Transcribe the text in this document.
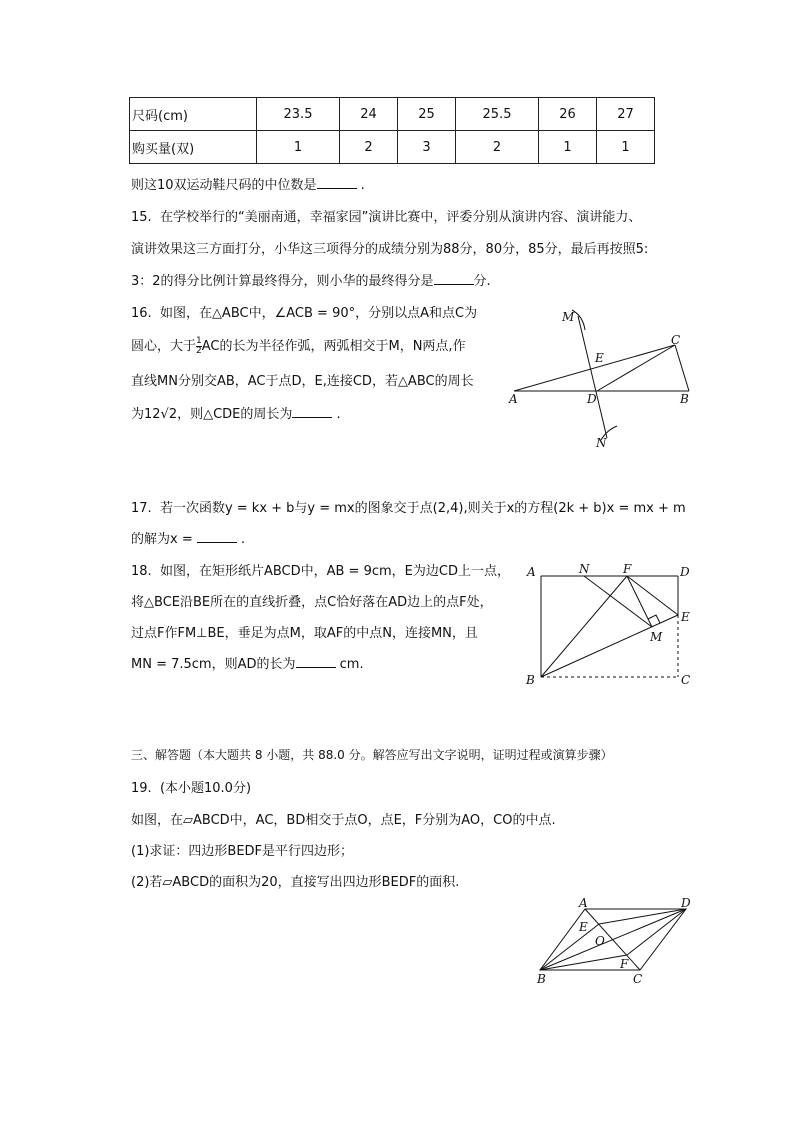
尺码(cm)	23.5	24	25	25.5	26	27
购买量(双)	1	2	3	2	1	1
则这10双运动鞋尺码的中位数是	.
15.  在学校举行的“美丽南通，幸福家园”演讲比赛中，评委分别从演讲内容、演讲能力、
演讲效果这三方面打分，小华这三项得分的成绩分别为88分，80分，85分，最后再按照5:
3：2的得分比例计算最终得分，则小华的最终得分是	分.
16.  如图，在△ABC中，∠ACB = 90°，分别以点A和点C为
圆心，大于 $\frac{1}{2}$ AC的长为半径作弧，两弧相交于M，N两点,作
直线MN分别交AB，AC于点D，E,连接CD，若△ABC的周长
为12√2，则△CDE的周长为	.
M
C
E
A	D	B
N
17.  若一次函数y = kx + b与y = mx的图象交于点(2,4),则关于x的方程(2k + b)x = mx + m
的解为x =	.
18.  如图，在矩形纸片ABCD中，AB = 9cm，E为边CD上一点，
将△BCE沿BE所在的直线折叠，点C恰好落在AD边上的点F处，
过点F作FM⊥BE，垂足为点M，取AF的中点N，连接MN，且
MN = 7.5cm，则AD的长为	cm.
A	N	F	D
E
M
B	C
三、解答题（本大题共 8 小题，共 88.0 分。解答应写出文字说明，证明过程或演算步骤）
19.  (本小题10.0分)
如图，在▱ABCD中，AC，BD相交于点O，点E，F分别为AO，CO的中点.
(1)求证：四边形BEDF是平行四边形；
(2)若▱ABCD的面积为20，直接写出四边形BEDF的面积.
A	D
E
O
F
B	C
